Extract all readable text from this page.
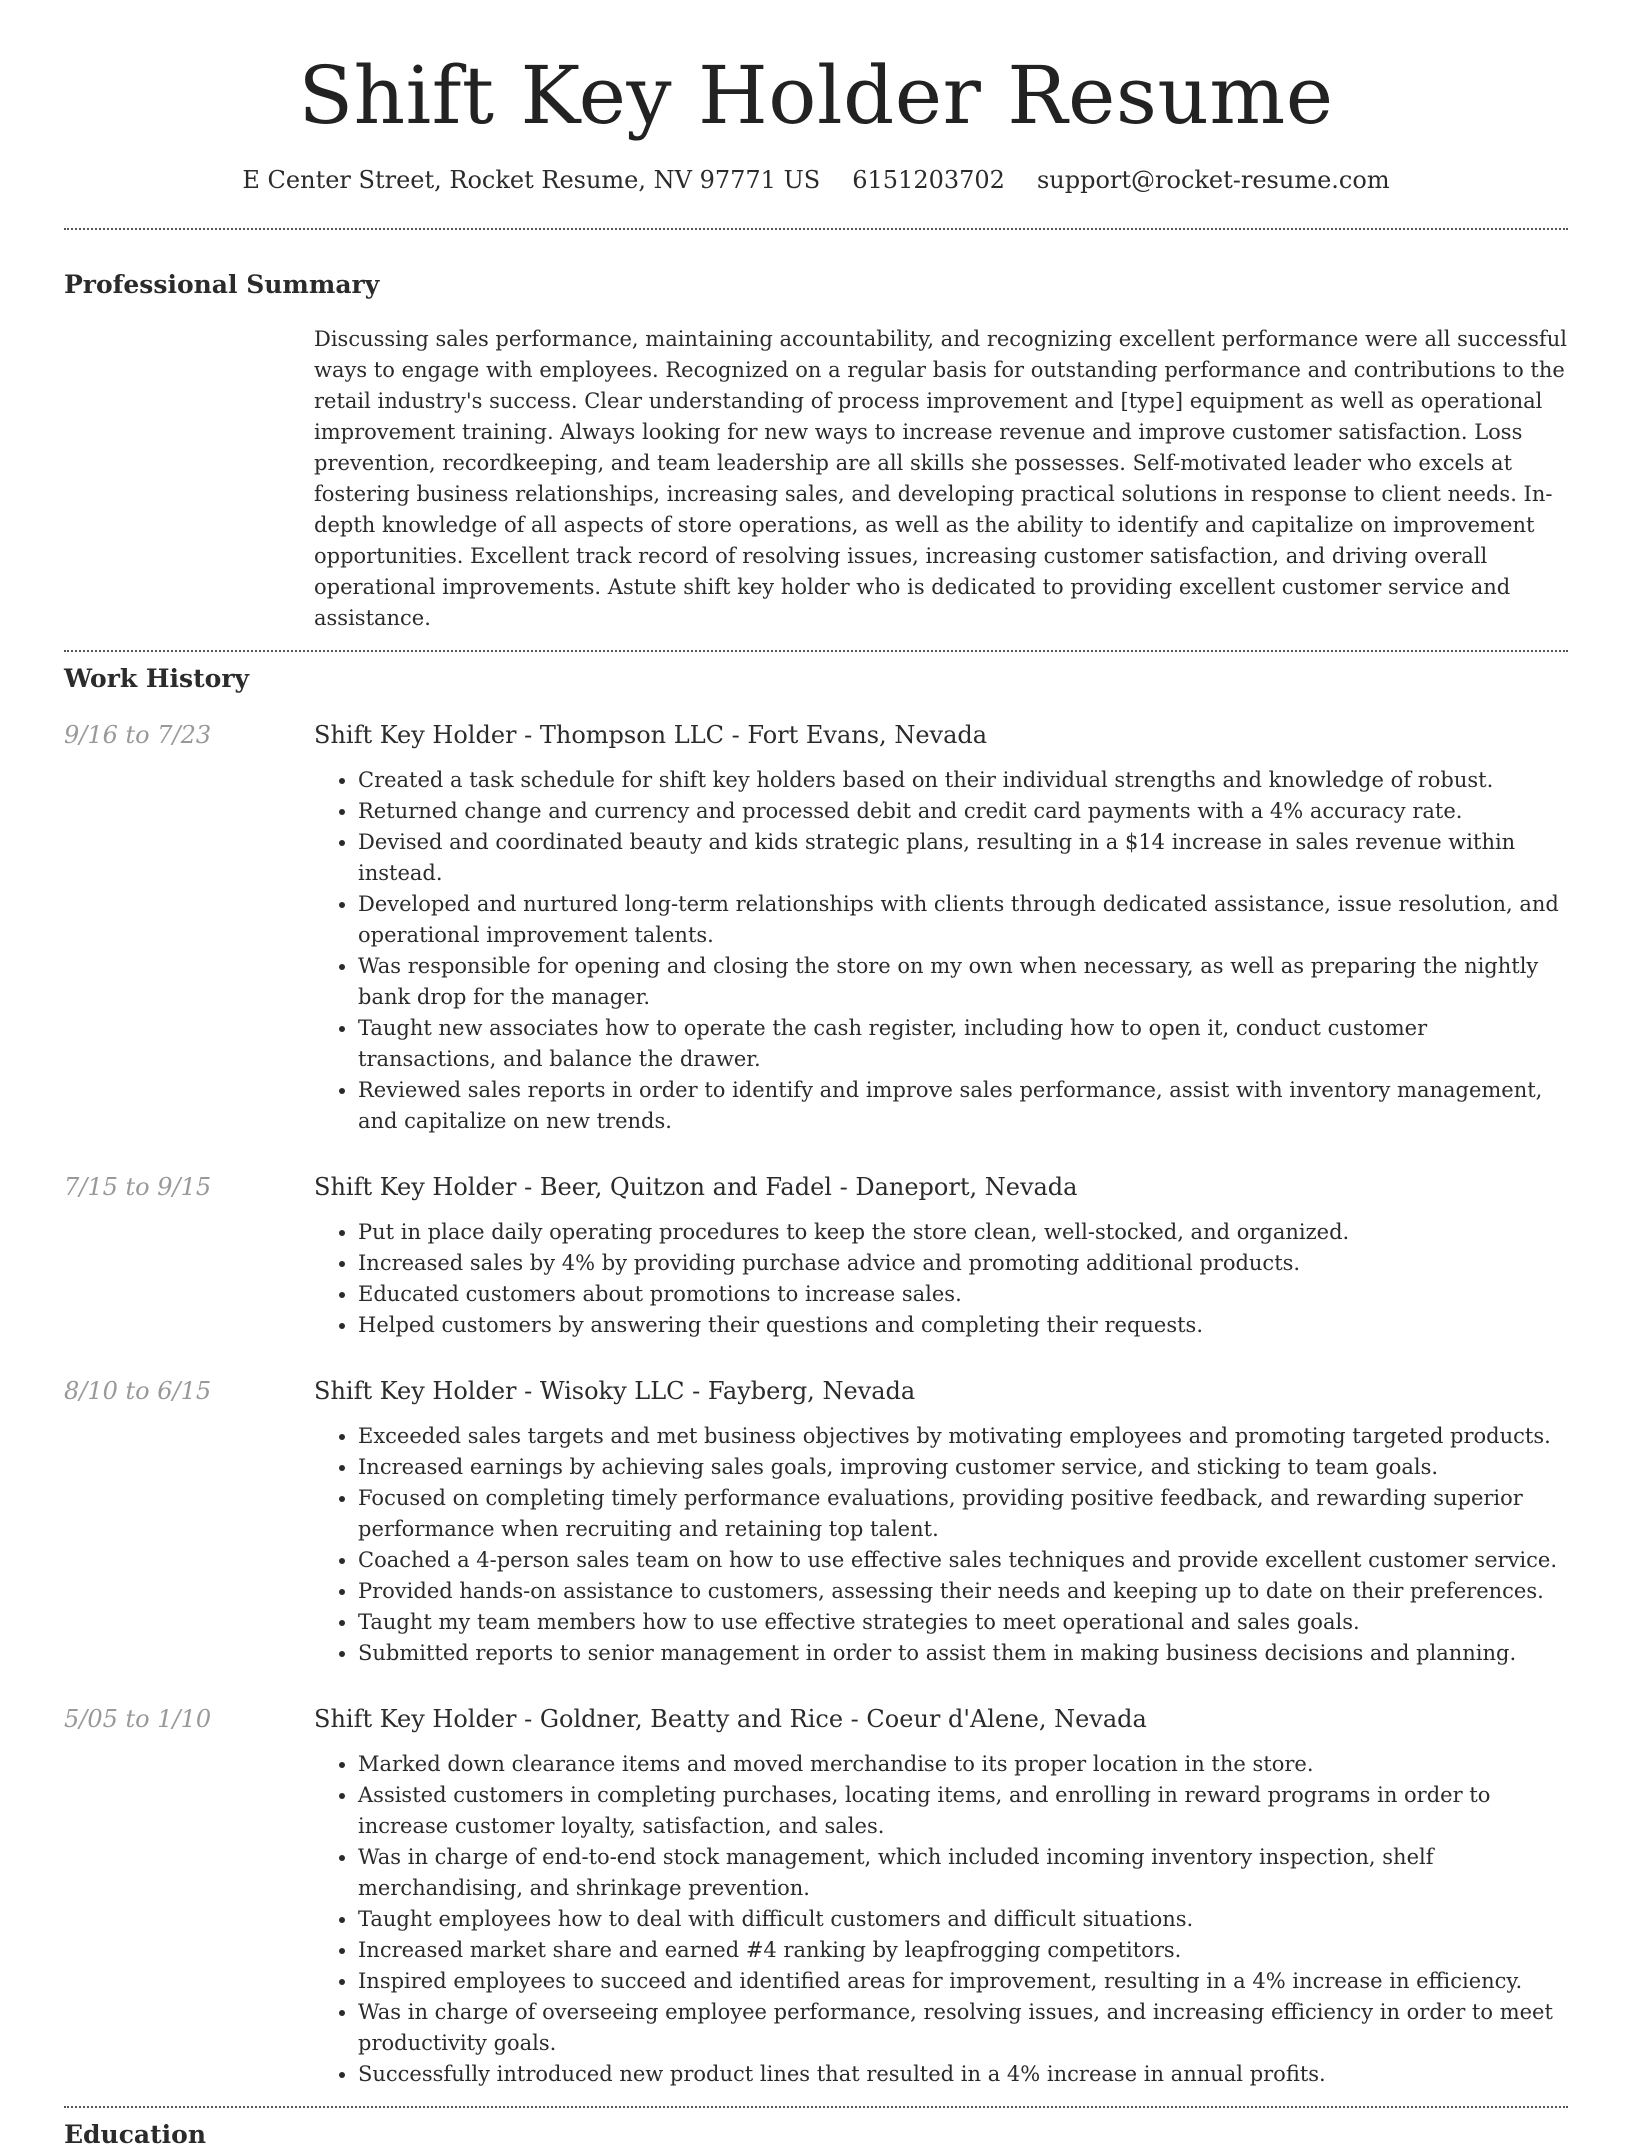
Shift Key Holder Resume
E Center Street, Rocket Resume, NV 97771 US 6151203702 support@rocket-resume.com
Professional Summary

Discussing sales performance, maintaining accountability, and recognizing excellent performance were all successful ways to engage with employees. Recognized on a regular basis for outstanding performance and contributions to the retail industry's success. Clear understanding of process improvement and [type] equipment as well as operational improvement training. Always looking for new ways to increase revenue and improve customer satisfaction. Loss prevention, recordkeeping, and team leadership are all skills she possesses. Self-motivated leader who excels at fostering business relationships, increasing sales, and developing practical solutions in response to client needs. In-depth knowledge of all aspects of store operations, as well as the ability to identify and capitalize on improvement opportunities. Excellent track record of resolving issues, increasing customer satisfaction, and driving overall operational improvements. Astute shift key holder who is dedicated to providing excellent customer service and assistance.

Work History
9/16 to 7/23	Shift Key Holder - Thompson LLC - Fort Evans, Nevada
• Created a task schedule for shift key holders based on their individual strengths and knowledge of robust.
• Returned change and currency and processed debit and credit card payments with a 4% accuracy rate.
• Devised and coordinated beauty and kids strategic plans, resulting in a $14 increase in sales revenue within instead.
• Developed and nurtured long-term relationships with clients through dedicated assistance, issue resolution, and operational improvement talents.
• Was responsible for opening and closing the store on my own when necessary, as well as preparing the nightly bank drop for the manager.
• Taught new associates how to operate the cash register, including how to open it, conduct customer transactions, and balance the drawer.
• Reviewed sales reports in order to identify and improve sales performance, assist with inventory management, and capitalize on new trends.
7/15 to 9/15	Shift Key Holder - Beer, Quitzon and Fadel - Daneport, Nevada
• Put in place daily operating procedures to keep the store clean, well-stocked, and organized.
• Increased sales by 4% by providing purchase advice and promoting additional products.
• Educated customers about promotions to increase sales.
• Helped customers by answering their questions and completing their requests.
8/10 to 6/15	Shift Key Holder - Wisoky LLC - Fayberg, Nevada
• Exceeded sales targets and met business objectives by motivating employees and promoting targeted products.
• Increased earnings by achieving sales goals, improving customer service, and sticking to team goals.
• Focused on completing timely performance evaluations, providing positive feedback, and rewarding superior performance when recruiting and retaining top talent.
• Coached a 4-person sales team on how to use effective sales techniques and provide excellent customer service.
• Provided hands-on assistance to customers, assessing their needs and keeping up to date on their preferences.
• Taught my team members how to use effective strategies to meet operational and sales goals.
• Submitted reports to senior management in order to assist them in making business decisions and planning.
5/05 to 1/10	Shift Key Holder - Goldner, Beatty and Rice - Coeur d'Alene, Nevada
• Marked down clearance items and moved merchandise to its proper location in the store.
• Assisted customers in completing purchases, locating items, and enrolling in reward programs in order to increase customer loyalty, satisfaction, and sales.
• Was in charge of end-to-end stock management, which included incoming inventory inspection, shelf merchandising, and shrinkage prevention.
• Taught employees how to deal with difficult customers and difficult situations.
• Increased market share and earned #4 ranking by leapfrogging competitors.
• Inspired employees to succeed and identified areas for improvement, resulting in a 4% increase in efficiency.
• Was in charge of overseeing employee performance, resolving issues, and increasing efficiency in order to meet productivity goals.
• Successfully introduced new product lines that resulted in a 4% increase in annual profits.
Education
